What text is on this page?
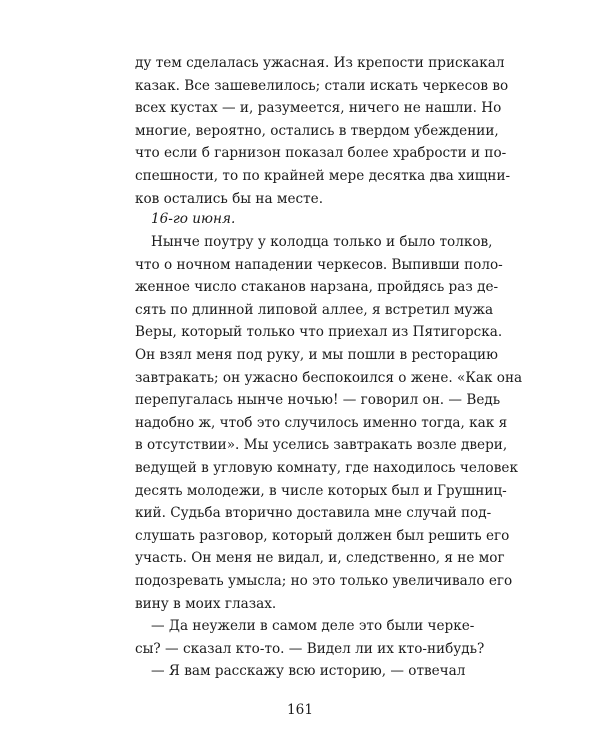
ду тем сделалась ужасная. Из крепости прискакал
казак. Все зашевелилось; стали искать черкесов во
всех кустах — и, разумеется, ничего не нашли. Но
многие, вероятно, остались в твердом убеждении,
что если б гарнизон показал более храбрости и по-
спешности, то по крайней мере десятка два хищни-
ков остались бы на месте.
16-го июня.
Нынче поутру у колодца только и было толков,
что о ночном нападении черкесов. Выпивши поло-
женное число стаканов нарзана, пройдясь раз де-
сять по длинной липовой аллее, я встретил мужа
Веры, который только что приехал из Пятигорска.
Он взял меня под руку, и мы пошли в ресторацию
завтракать; он ужасно беспокоился о жене. «Как она
перепугалась нынче ночью! — говорил он. — Ведь
надобно ж, чтоб это случилось именно тогда, как я
в отсутствии». Мы уселись завтракать возле двери,
ведущей в угловую комнату, где находилось человек
десять молодежи, в числе которых был и Грушниц-
кий. Судьба вторично доставила мне случай под-
слушать разговор, который должен был решить его
участь. Он меня не видал, и, следственно, я не мог
подозревать умысла; но это только увеличивало его
вину в моих глазах.
— Да неужели в самом деле это были черке-
сы? — сказал кто-то. — Видел ли их кто-нибудь?
— Я вам расскажу всю историю, — отвечал
161
